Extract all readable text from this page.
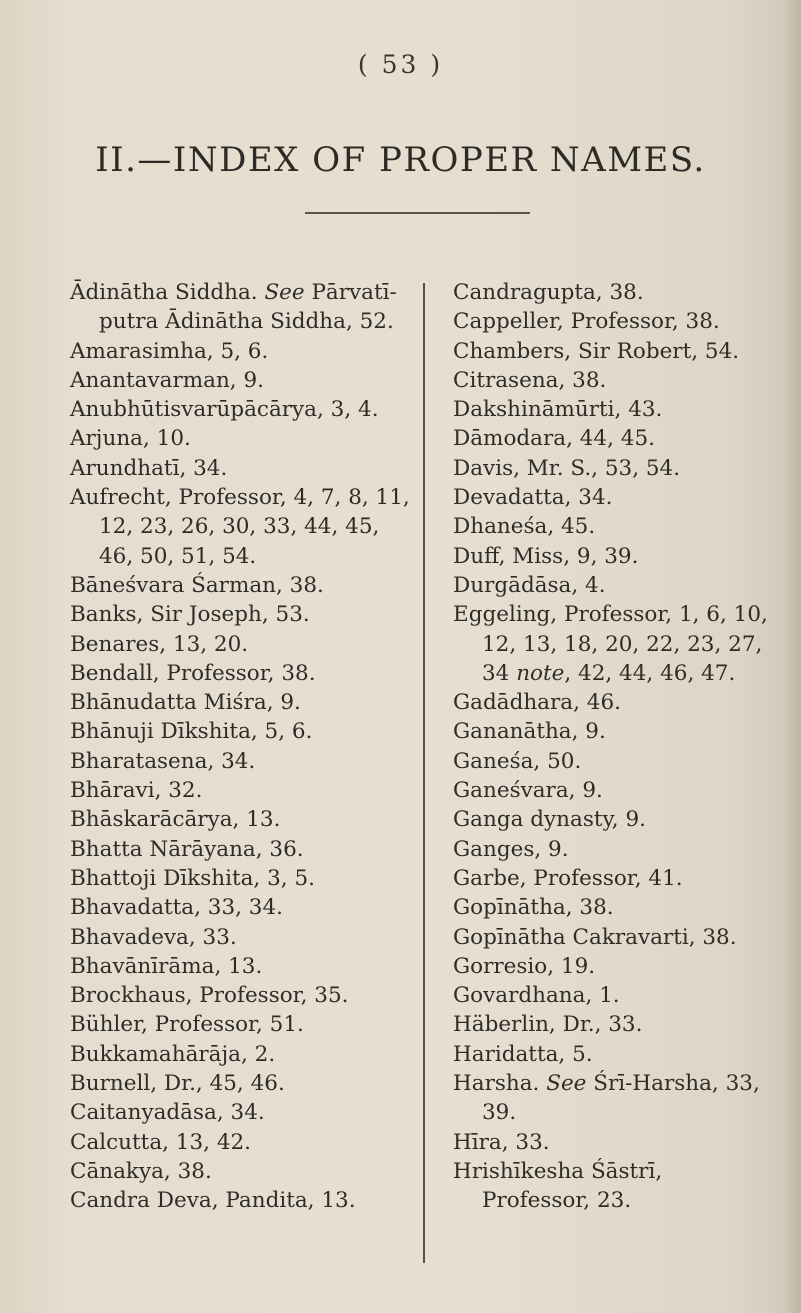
( 53 )
II.—INDEX OF PROPER NAMES.

Ādinātha Siddha. See Pārvatī-putra Ādinātha Siddha, 52.

Amarasimha, 5, 6.

Anantavarman, 9.

Anubhūtisvarūpācārya, 3, 4.

Arjuna, 10.

Arundhatī, 34.

Aufrecht, Professor, 4, 7, 8, 11, 12, 23, 26, 30, 33, 44, 45, 46, 50, 51, 54.

Bāneśvara Śarman, 38.

Banks, Sir Joseph, 53.

Benares, 13, 20.

Bendall, Professor, 38.

Bhānudatta Miśra, 9.

Bhānuji Dīkshita, 5, 6.

Bharatasena, 34.

Bhāravi, 32.

Bhāskarācārya, 13.

Bhatta Nārāyana, 36.

Bhattoji Dīkshita, 3, 5.

Bhavadatta, 33, 34.

Bhavadeva, 33.

Bhavānīrāma, 13.

Brockhaus, Professor, 35.

Bühler, Professor, 51.

Bukkamahārāja, 2.

Burnell, Dr., 45, 46.

Caitanyadāsa, 34.

Calcutta, 13, 42.

Cānakya, 38.

Candra Deva, Pandita, 13.

Candragupta, 38.

Cappeller, Professor, 38.

Chambers, Sir Robert, 54.

Citrasena, 38.

Dakshināmūrti, 43.

Dāmodara, 44, 45.

Davis, Mr. S., 53, 54.

Devadatta, 34.

Dhaneśa, 45.

Duff, Miss, 9, 39.

Durgādāsa, 4.

Eggeling, Professor, 1, 6, 10, 12, 13, 18, 20, 22, 23, 27, 34 note, 42, 44, 46, 47.

Gadādhara, 46.

Gananātha, 9.

Ganeśa, 50.

Ganeśvara, 9.

Ganga dynasty, 9.

Ganges, 9.

Garbe, Professor, 41.

Gopīnātha, 38.

Gopīnātha Cakravarti, 38.

Gorresio, 19.

Govardhana, 1.

Häberlin, Dr., 33.

Haridatta, 5.

Harsha. See Śrī-Harsha, 33, 39.

Hīra, 33.

Hrishīkesha Śāstrī, Professor, 23.
